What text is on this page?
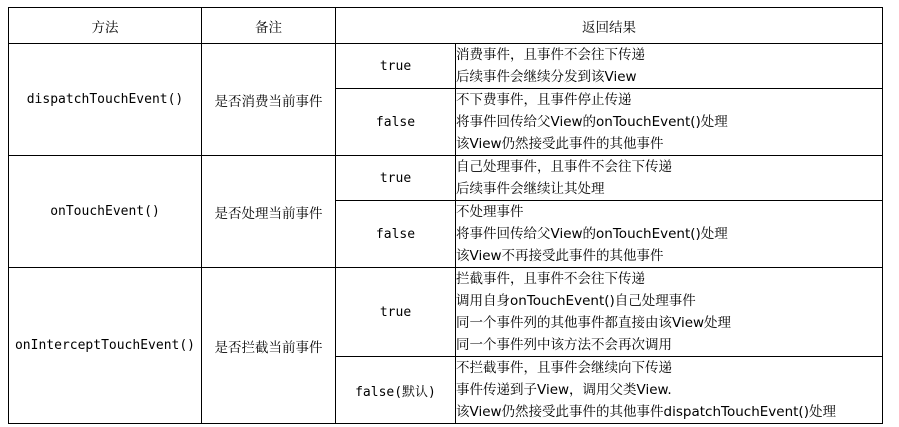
方法	备注	返回结果	
dispatchTouchEvent()	是否消费当前事件	true	消费事件，且事件不会往下传递
后续事件会继续分发到该View

		false	不下费事件，且事件停止传递
将事件回传给父View的onTouchEvent()处理
该View仍然接受此事件的其他事件

onTouchEvent()	是否处理当前事件	true	自己处理事件，且事件不会往下传递
后续事件会继续让其处理

		false	不处理事件
将事件回传给父View的onTouchEvent()处理
该View不再接受此事件的其他事件

onInterceptTouchEvent()	是否拦截当前事件	true	拦截事件，且事件不会往下传递
调用自身onTouchEvent()自己处理事件
同一个事件列的其他事件都直接由该View处理
同一个事件列中该方法不会再次调用

		false(默认)	不拦截事件，且事件会继续向下传递
事件传递到子View，调用父类View.
该View仍然接受此事件的其他事件dispatchTouchEvent()处理
